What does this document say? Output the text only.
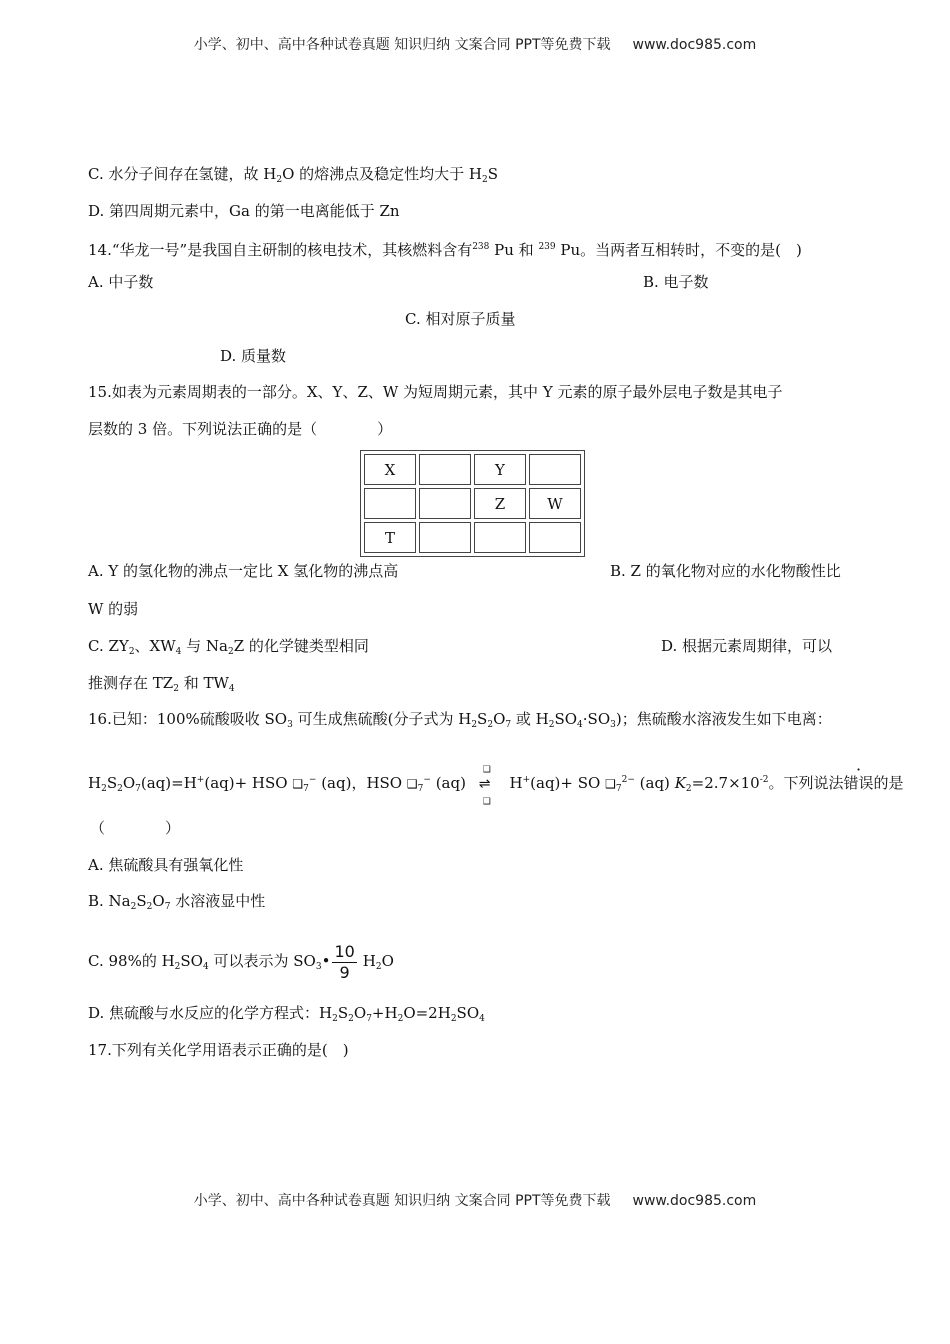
小学、初中、高中各种试卷真题 知识归纳 文案合同 PPT等免费下载 www.doc985.com
C. 水分子间存在氢键，故 $H_2O$ 的熔沸点及稳定性均大于 $H_2S$
D. 第四周期元素中，Ga 的第一电离能低于 Zn
14.“华龙一号”是我国自主研制的核电技术，其核燃料含有$^{238}$ Pu 和 $^{239}$ Pu。当两者互相转时，不变的是(　)
A. 中子数	B. 电子数
C. 相对原子质量
D. 质量数
15.如表为元素周期表的一部分。X、Y、Z、W 为短周期元素，其中 Y 元素的原子最外层电子数是其电子
层数的 3 倍。下列说法正确的是（　　　　）
X		Y	
		Z	W
T			
A. Y 的氢化物的沸点一定比 X 氢化物的沸点高	B. Z 的氧化物对应的水化物酸性比
W 的弱
C. $ZY_2$、$XW_4$ 与 $Na_2Z$ 的化学键类型相同	D. 根据元素周期律，可以
推测存在 $TZ_2$ 和 $TW_4$
16.已知：100%硫酸吸收 $SO_3$ 可生成焦硫酸(分子式为 $H_2S_2O_7$ 或 $H_2SO_4\cdot SO_3$)；焦硫酸水溶液发生如下电离：
$H_2S_2O_7(aq)=H^+(aq)+$ HSO $❑_7^-$ (aq)，HSO $❑_7^-$ (aq)
❑
⇌
❑
H+(aq)+ SO $❑_7^{2-}$ (aq) $K_2=2.7\times 10^{-2}$。下列说法错误的是
（　　　　）
A. 焦硫酸具有强氧化性
B. $Na_2S_2O_7$ 水溶液显中性
C. 98%的 $H_2SO_4$ 可以表示为 $SO_3• \frac{10}{9} H_2O$
D. 焦硫酸与水反应的化学方程式：$H_2S_2O_7+H_2O=2H_2SO_4$
17.下列有关化学用语表示正确的是(　)
小学、初中、高中各种试卷真题 知识归纳 文案合同 PPT等免费下载 www.doc985.com
